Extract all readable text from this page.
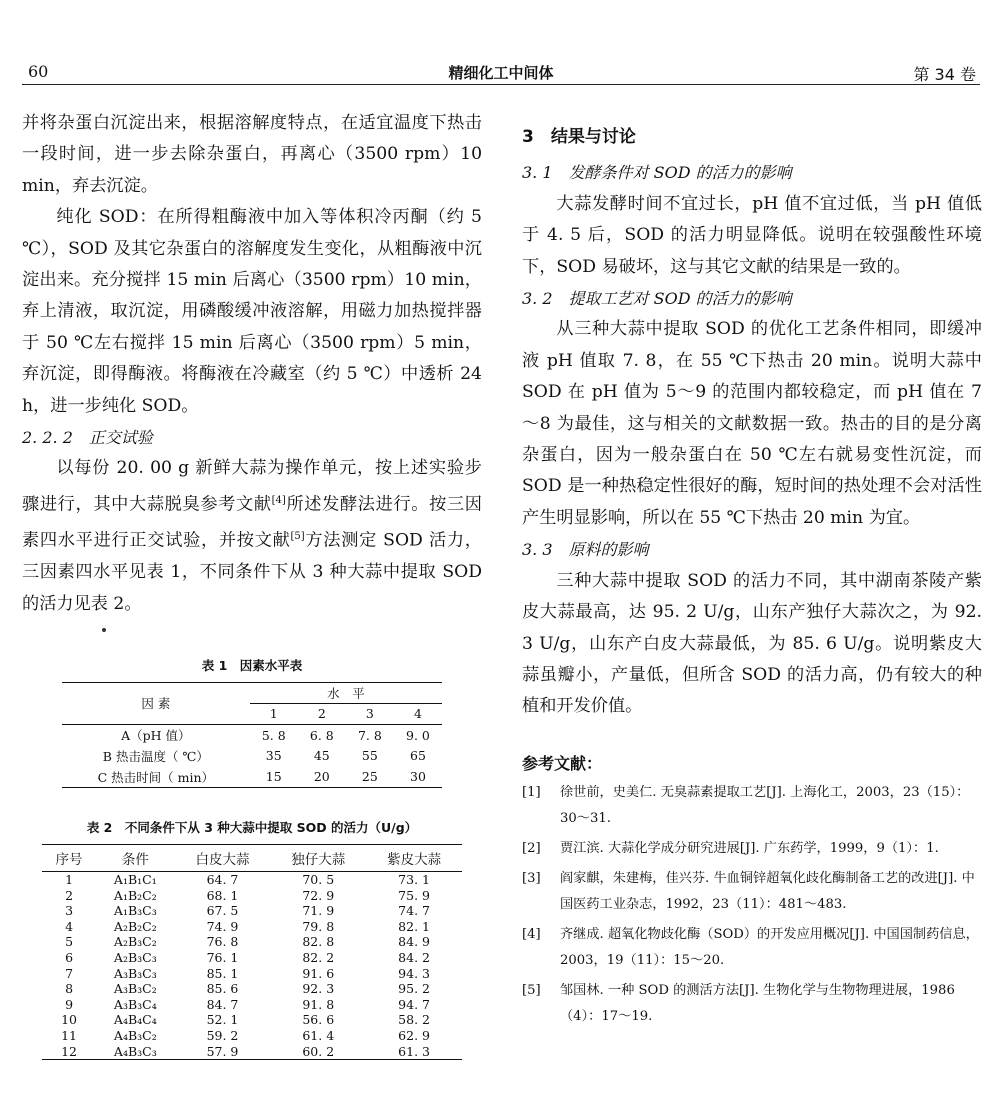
60	精细化工中间体	第 34 卷

并将杂蛋白沉淀出来，根据溶解度特点，在适宜温度下热击一段时间，进一步去除杂蛋白，再离心（3500 rpm）10 min，弃去沉淀。

纯化 SOD：在所得粗酶液中加入等体积冷丙酮（约 5 ℃），SOD 及其它杂蛋白的溶解度发生变化，从粗酶液中沉淀出来。充分搅拌 15 min 后离心（3500 rpm）10 min，弃上清液，取沉淀，用磷酸缓冲液溶解，用磁力加热搅拌器于 50 ℃左右搅拌 15 min 后离心（3500 rpm）5 min，弃沉淀，即得酶液。将酶液在冷藏室（约 5 ℃）中透析 24 h，进一步纯化 SOD。

2. 2. 2　正交试验

以每份 20. 00 g 新鲜大蒜为操作单元，按上述实验步骤进行，其中大蒜脱臭参考文献[4]所述发酵法进行。按三因素四水平进行正交试验，并按文献[5]方法测定 SOD 活力，三因素四水平见表 1，不同条件下从 3 种大蒜中提取 SOD 的活力见表 2。

表 1　因素水平表
因 素	水　平			
	1	2	3	4
A（pH 值）	5. 8	6. 8	7. 8	9. 0
B 热击温度（ ℃）	35	45	55	65
C 热击时间（ min）	15	20	25	30
表 2　不同条件下从 3 种大蒜中提取 SOD 的活力（U/g）
序号	条件	白皮大蒜	独仔大蒜	紫皮大蒜
1	A₁B₁C₁	64. 7	70. 5	73. 1
2	A₁B₂C₂	68. 1	72. 9	75. 9
3	A₁B₃C₃	67. 5	71. 9	74. 7
4	A₂B₂C₂	74. 9	79. 8	82. 1
5	A₂B₃C₂	76. 8	82. 8	84. 9
6	A₂B₃C₃	76. 1	82. 2	84. 2
7	A₃B₃C₃	85. 1	91. 6	94. 3
8	A₃B₃C₂	85. 6	92. 3	95. 2
9	A₃B₃C₄	84. 7	91. 8	94. 7
10	A₄B₄C₄	52. 1	56. 6	58. 2
11	A₄B₃C₂	59. 2	61. 4	62. 9
12	A₄B₃C₃	57. 9	60. 2	61. 3

3　结果与讨论

3. 1　发酵条件对 SOD 的活力的影响

大蒜发酵时间不宜过长，pH 值不宜过低，当 pH 值低于 4. 5 后，SOD 的活力明显降低。说明在较强酸性环境下，SOD 易破坏，这与其它文献的结果是一致的。

3. 2　提取工艺对 SOD 的活力的影响

从三种大蒜中提取 SOD 的优化工艺条件相同，即缓冲液 pH 值取 7. 8，在 55 ℃下热击 20 min。说明大蒜中 SOD 在 pH 值为 5～9 的范围内都较稳定，而 pH 值在 7～8 为最佳，这与相关的文献数据一致。热击的目的是分离杂蛋白，因为一般杂蛋白在 50 ℃左右就易变性沉淀，而 SOD 是一种热稳定性很好的酶，短时间的热处理不会对活性产生明显影响，所以在 55 ℃下热击 20 min 为宜。

3. 3　原料的影响

三种大蒜中提取 SOD 的活力不同，其中湖南茶陵产紫皮大蒜最高，达 95. 2 U/g，山东产独仔大蒜次之，为 92. 3 U/g，山东产白皮大蒜最低，为 85. 6 U/g。说明紫皮大蒜虽瓣小，产量低，但所含 SOD 的活力高，仍有较大的种植和开发价值。

参考文献：
[1] 徐世前，史美仁. 无臭蒜素提取工艺[J]. 上海化工，2003，23（15）：30～31.
[2] 贾江滨. 大蒜化学成分研究进展[J]. 广东药学，1999，9（1）：1.
[3] 阎家麒，朱建梅，佳兴芬. 牛血铜锌超氧化歧化酶制备工艺的改进[J]. 中国医药工业杂志，1992，23（11）：481～483.
[4] 齐继成. 超氧化物歧化酶（SOD）的开发应用概况[J]. 中国国制药信息，2003，19（11）：15～20.
[5] 邹国林. 一种 SOD 的测活方法[J]. 生物化学与生物物理进展，1986（4）：17～19.
